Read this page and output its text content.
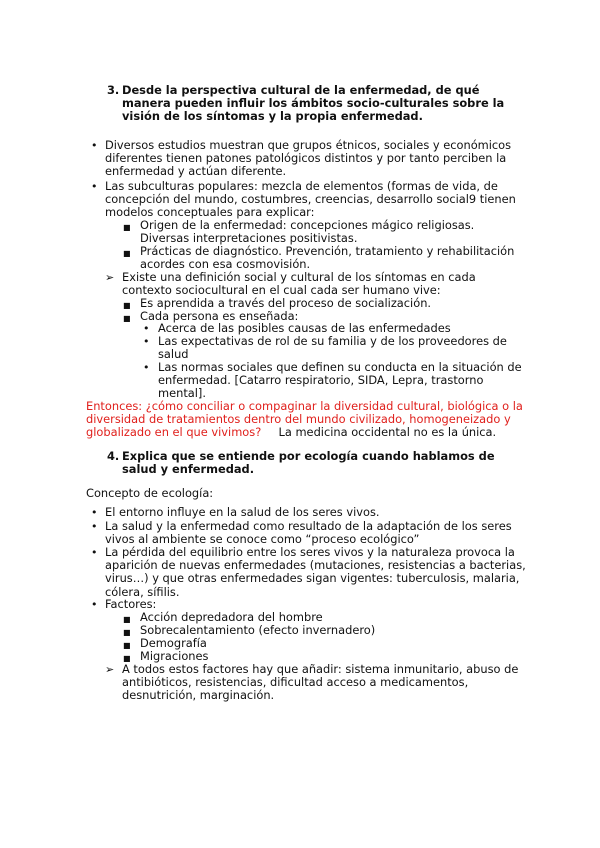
3. Desde la perspectiva cultural de la enfermedad, de qué
manera pueden influir los ámbitos socio-culturales sobre la
visión de los síntomas y la propia enfermedad.
• Diversos estudios muestran que grupos étnicos, sociales y económicos
diferentes tienen patones patológicos distintos y por tanto perciben la
enfermedad y actúan diferente.
• Las subculturas populares: mezcla de elementos (formas de vida, de
concepción del mundo, costumbres, creencias, desarrollo social9 tienen
modelos conceptuales para explicar:
■ Origen de la enfermedad: concepciones mágico religiosas.
Diversas interpretaciones positivistas.
■ Prácticas de diagnóstico. Prevención, tratamiento y rehabilitación
acordes con esa cosmovisión.
➢ Existe una definición social y cultural de los síntomas en cada
contexto sociocultural en el cual cada ser humano vive:
■ Es aprendida a través del proceso de socialización.
■ Cada persona es enseñada:
• Acerca de las posibles causas de las enfermedades
• Las expectativas de rol de su familia y de los proveedores de
salud
• Las normas sociales que definen su conducta en la situación de
enfermedad. [Catarro respiratorio, SIDA, Lepra, trastorno
mental].
Entonces: ¿cómo conciliar o compaginar la diversidad cultural, biológica o la
diversidad de tratamientos dentro del mundo civilizado, homogeneizado y
globalizado en el que vivimos? La medicina occidental no es la única.
4. Explica que se entiende por ecología cuando hablamos de
salud y enfermedad.
Concepto de ecología:
• El entorno influye en la salud de los seres vivos.
• La salud y la enfermedad como resultado de la adaptación de los seres
vivos al ambiente se conoce como “proceso ecológico”
• La pérdida del equilibrio entre los seres vivos y la naturaleza provoca la
aparición de nuevas enfermedades (mutaciones, resistencias a bacterias,
virus…) y que otras enfermedades sigan vigentes: tuberculosis, malaria,
cólera, sífilis.
• Factores:
■ Acción depredadora del hombre
■ Sobrecalentamiento (efecto invernadero)
■ Demografía
■ Migraciones
➢ A todos estos factores hay que añadir: sistema inmunitario, abuso de
antibióticos, resistencias, dificultad acceso a medicamentos,
desnutrición, marginación.
